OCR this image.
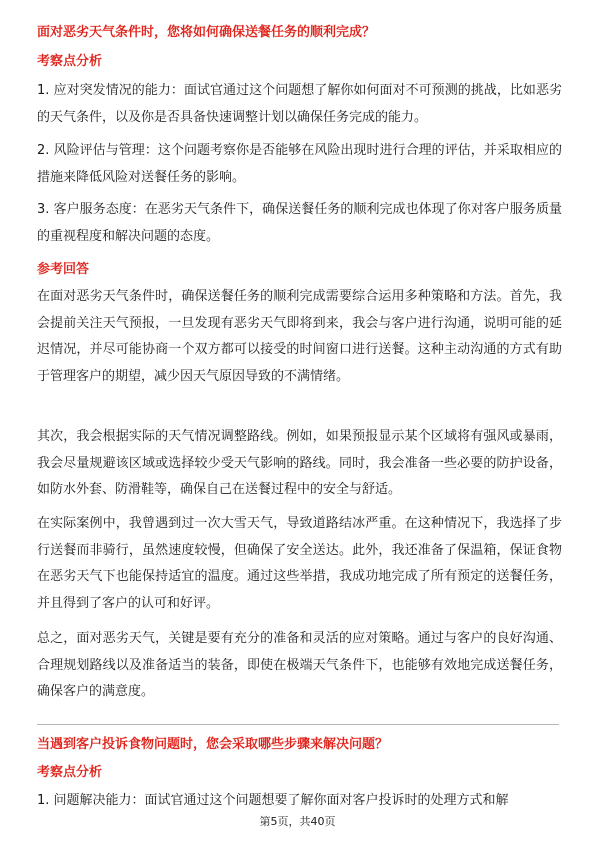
面对恶劣天气条件时，您将如何确保送餐任务的顺利完成？
考察点分析
1. 应对突发情况的能力：面试官通过这个问题想了解你如何面对不可预测的挑战，比如恶劣的天气条件，以及你是否具备快速调整计划以确保任务完成的能力。
2. 风险评估与管理：这个问题考察你是否能够在风险出现时进行合理的评估，并采取相应的措施来降低风险对送餐任务的影响。
3. 客户服务态度：在恶劣天气条件下，确保送餐任务的顺利完成也体现了你对客户服务质量的重视程度和解决问题的态度。
参考回答
在面对恶劣天气条件时，确保送餐任务的顺利完成需要综合运用多种策略和方法。首先，我会提前关注天气预报，一旦发现有恶劣天气即将到来，我会与客户进行沟通，说明可能的延迟情况，并尽可能协商一个双方都可以接受的时间窗口进行送餐。这种主动沟通的方式有助于管理客户的期望，减少因天气原因导致的不满情绪。
其次，我会根据实际的天气情况调整路线。例如，如果预报显示某个区域将有强风或暴雨，我会尽量规避该区域或选择较少受天气影响的路线。同时，我会准备一些必要的防护设备，如防水外套、防滑鞋等，确保自己在送餐过程中的安全与舒适。
在实际案例中，我曾遇到过一次大雪天气，导致道路结冰严重。在这种情况下，我选择了步行送餐而非骑行，虽然速度较慢，但确保了安全送达。此外，我还准备了保温箱，保证食物在恶劣天气下也能保持适宜的温度。通过这些举措，我成功地完成了所有预定的送餐任务，并且得到了客户的认可和好评。
总之，面对恶劣天气，关键是要有充分的准备和灵活的应对策略。通过与客户的良好沟通、合理规划路线以及准备适当的装备，即使在极端天气条件下，也能够有效地完成送餐任务，确保客户的满意度。
当遇到客户投诉食物问题时，您会采取哪些步骤来解决问题？
考察点分析
1. 问题解决能力：面试官通过这个问题想要了解你面对客户投诉时的处理方式和解
第5页，共40页
